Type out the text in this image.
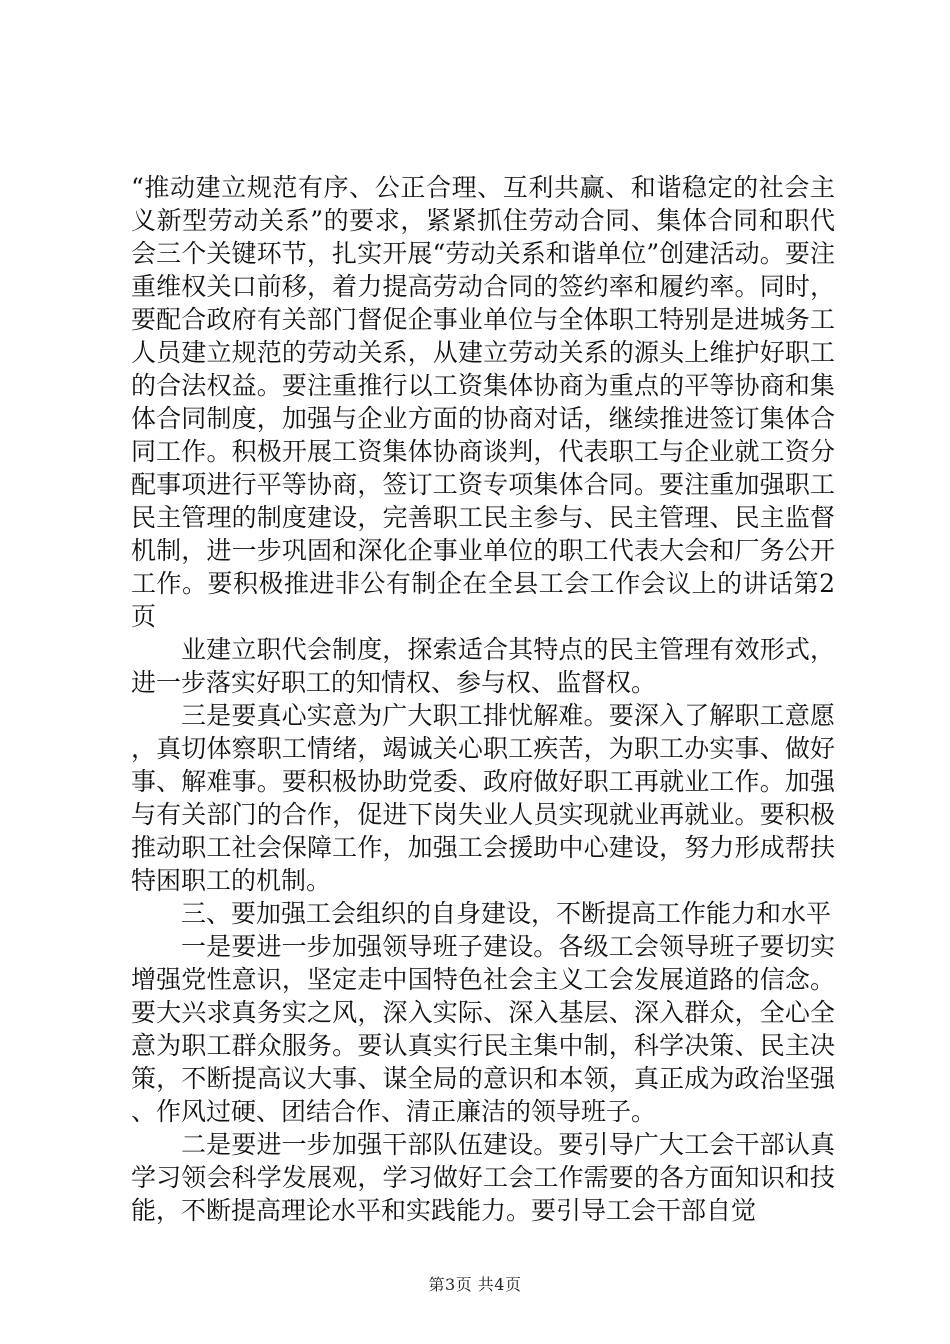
“推动建立规范有序、公正合理、互利共赢、和谐稳定的社会主义新型劳动关系”的要求，紧紧抓住劳动合同、集体合同和职代会三个关键环节，扎实开展“劳动关系和谐单位”创建活动。要注重维权关口前移，着力提高劳动合同的签约率和履约率。同时，要配合政府有关部门督促企事业单位与全体职工特别是进城务工人员建立规范的劳动关系，从建立劳动关系的源头上维护好职工的合法权益。要注重推行以工资集体协商为重点的平等协商和集体合同制度，加强与企业方面的协商对话，继续推进签订集体合同工作。积极开展工资集体协商谈判，代表职工与企业就工资分配事项进行平等协商，签订工资专项集体合同。要注重加强职工民主管理的制度建设，完善职工民主参与、民主管理、民主监督机制，进一步巩固和深化企事业单位的职工代表大会和厂务公开工作。要积极推进非公有制企在全县工会工作会议上的讲话第2页

业建立职代会制度，探索适合其特点的民主管理有效形式，进一步落实好职工的知情权、参与权、监督权。

三是要真心实意为广大职工排忧解难。要深入了解职工意愿，真切体察职工情绪，竭诚关心职工疾苦，为职工办实事、做好事、解难事。要积极协助党委、政府做好职工再就业工作。加强与有关部门的合作，促进下岗失业人员实现就业再就业。要积极推动职工社会保障工作，加强工会援助中心建设，努力形成帮扶特困职工的机制。

三、要加强工会组织的自身建设，不断提高工作能力和水平

一是要进一步加强领导班子建设。各级工会领导班子要切实增强党性意识，坚定走中国特色社会主义工会发展道路的信念。要大兴求真务实之风，深入实际、深入基层、深入群众，全心全意为职工群众服务。要认真实行民主集中制，科学决策、民主决策，不断提高议大事、谋全局的意识和本领，真正成为政治坚强、作风过硬、团结合作、清正廉洁的领导班子。

二是要进一步加强干部队伍建设。要引导广大工会干部认真学习领会科学发展观，学习做好工会工作需要的各方面知识和技能，不断提高理论水平和实践能力。要引导工会干部自觉

第3页 共4页
